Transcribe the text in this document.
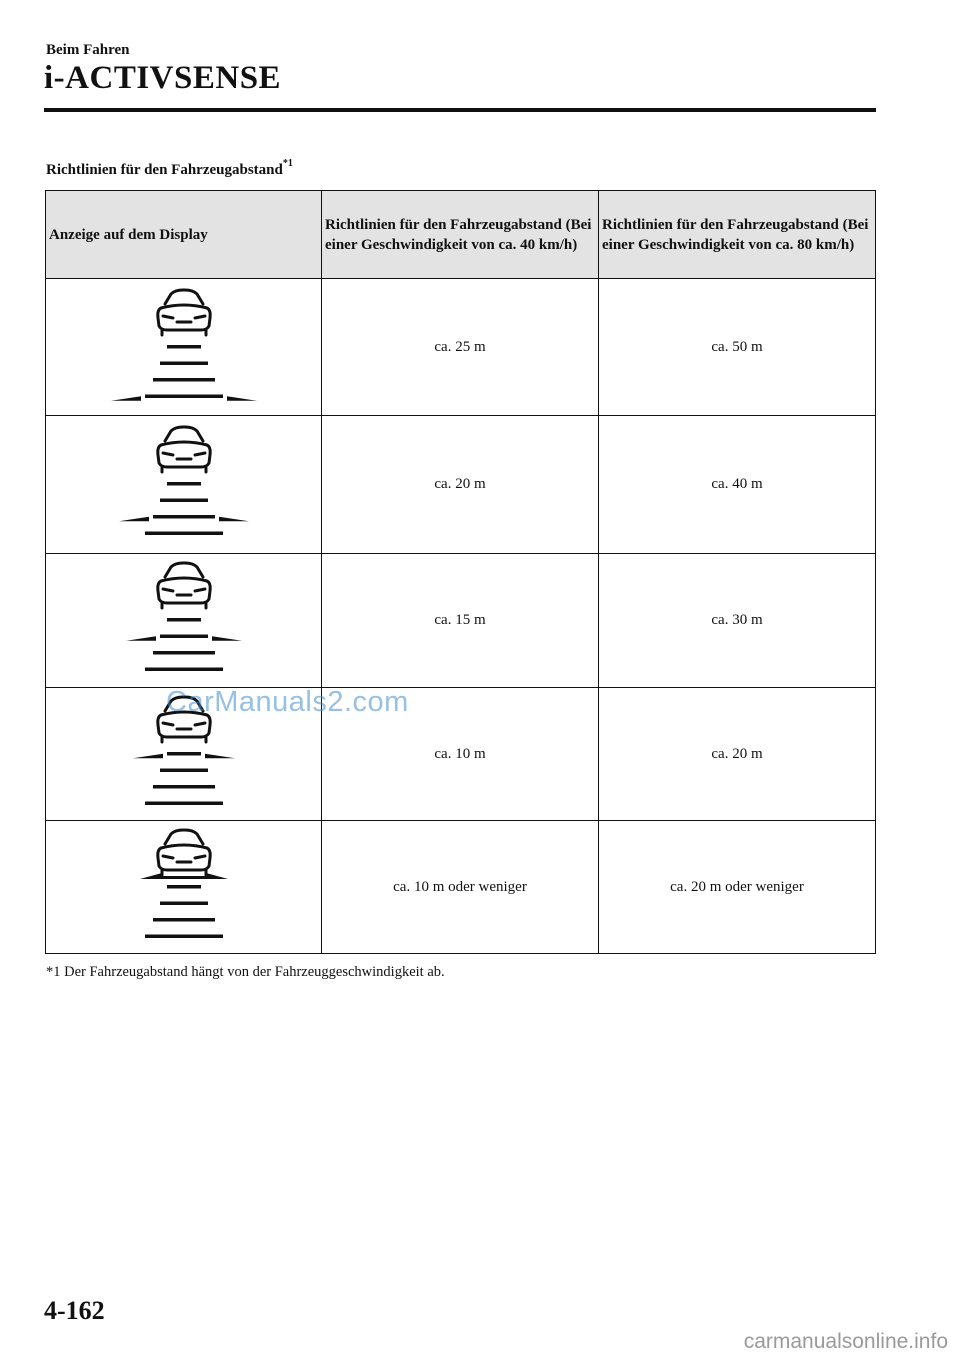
Beim Fahren
i-ACTIVSENSE
Richtlinien für den Fahrzeugabstand$^{*1}$
Anzeige auf dem Display	Richtlinien für den Fahrzeugabstand (Bei einer Geschwindigkeit von ca. 40 km/h)	Richtlinien für den Fahrzeugabstand (Bei einer Geschwindigkeit von ca. 80 km/h)

	ca. 25 m	ca. 50 m

	ca. 20 m	ca. 40 m

	ca. 15 m	ca. 30 m

	ca. 10 m	ca. 20 m

	ca. 10 m oder weniger	ca. 20 m oder weniger
*1 Der Fahrzeugabstand hängt von der Fahrzeuggeschwindigkeit ab.
CarManuals2.com
4-162
carmanualsonline.info
